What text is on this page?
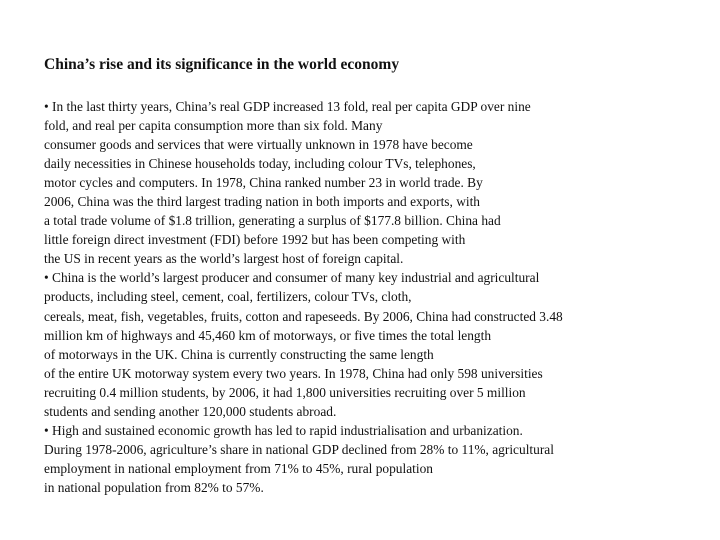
China’s rise and its significance in the world economy
• In the last thirty years, China’s real GDP increased 13 fold, real per capita GDP over nine
fold, and real per capita consumption more than six fold. Many
consumer goods and services that were virtually unknown in 1978 have become
daily necessities in Chinese households today, including colour TVs, telephones,
motor cycles and computers. In 1978, China ranked number 23 in world trade. By
2006, China was the third largest trading nation in both imports and exports, with
a total trade volume of $1.8 trillion, generating a surplus of $177.8 billion. China had
little foreign direct investment (FDI) before 1992 but has been competing with
the US in recent years as the world’s largest host of foreign capital.
• China is the world’s largest producer and consumer of many key industrial and agricultural
products, including steel, cement, coal, fertilizers, colour TVs, cloth,
cereals, meat, fish, vegetables, fruits, cotton and rapeseeds. By 2006, China had constructed 3.48
million km of highways and 45,460 km of motorways, or five times the total length
of motorways in the UK. China is currently constructing the same length
of the entire UK motorway system every two years. In 1978, China had only 598 universities
recruiting 0.4 million students, by 2006, it had 1,800 universities recruiting over 5 million
students and sending another 120,000 students abroad.
• High and sustained economic growth has led to rapid industrialisation and urbanization.
During 1978-2006, agriculture’s share in national GDP declined from 28% to 11%, agricultural
employment in national employment from 71% to 45%, rural population
in national population from 82% to 57%.
